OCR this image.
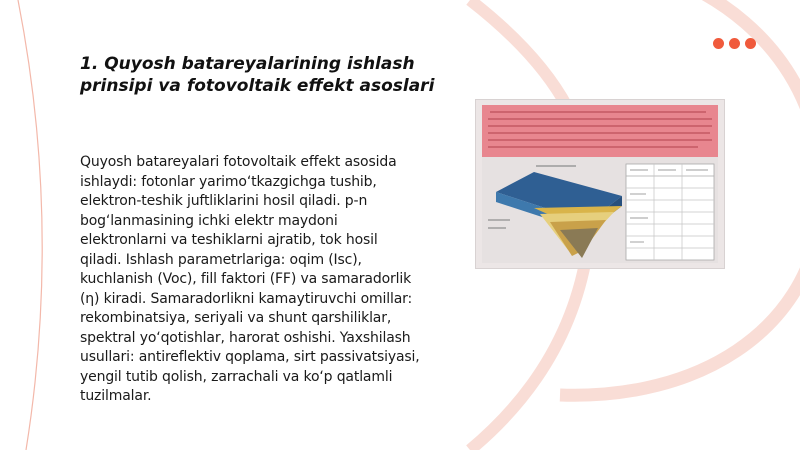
1. Quyosh batareyalarining ishlash prinsipi va fotovoltaik effekt asoslari

Quyosh batareyalari fotovoltaik effekt asosida ishlaydi: fotonlar yarimo‘tkazgichga tushib, elektron-teshik juftliklarini hosil qiladi. p-n bog‘lanmasining ichki elektr maydoni elektronlarni va teshiklarni ajratib, tok hosil qiladi. Ishlash parametrlariga: oqim (Isc), kuchlanish (Voc), fill faktori (FF) va samaradorlik (η) kiradi. Samaradorlikni kamaytiruvchi omillar: rekombinatsiya, seriyali va shunt qarshiliklar, spektral yo‘qotishlar, harorat oshishi. Yaxshilash usullari: antireflektiv qoplama, sirt passivatsiyasi, yengil tutib qolish, zarrachali va ko‘p qatlamli tuzilmalar.
